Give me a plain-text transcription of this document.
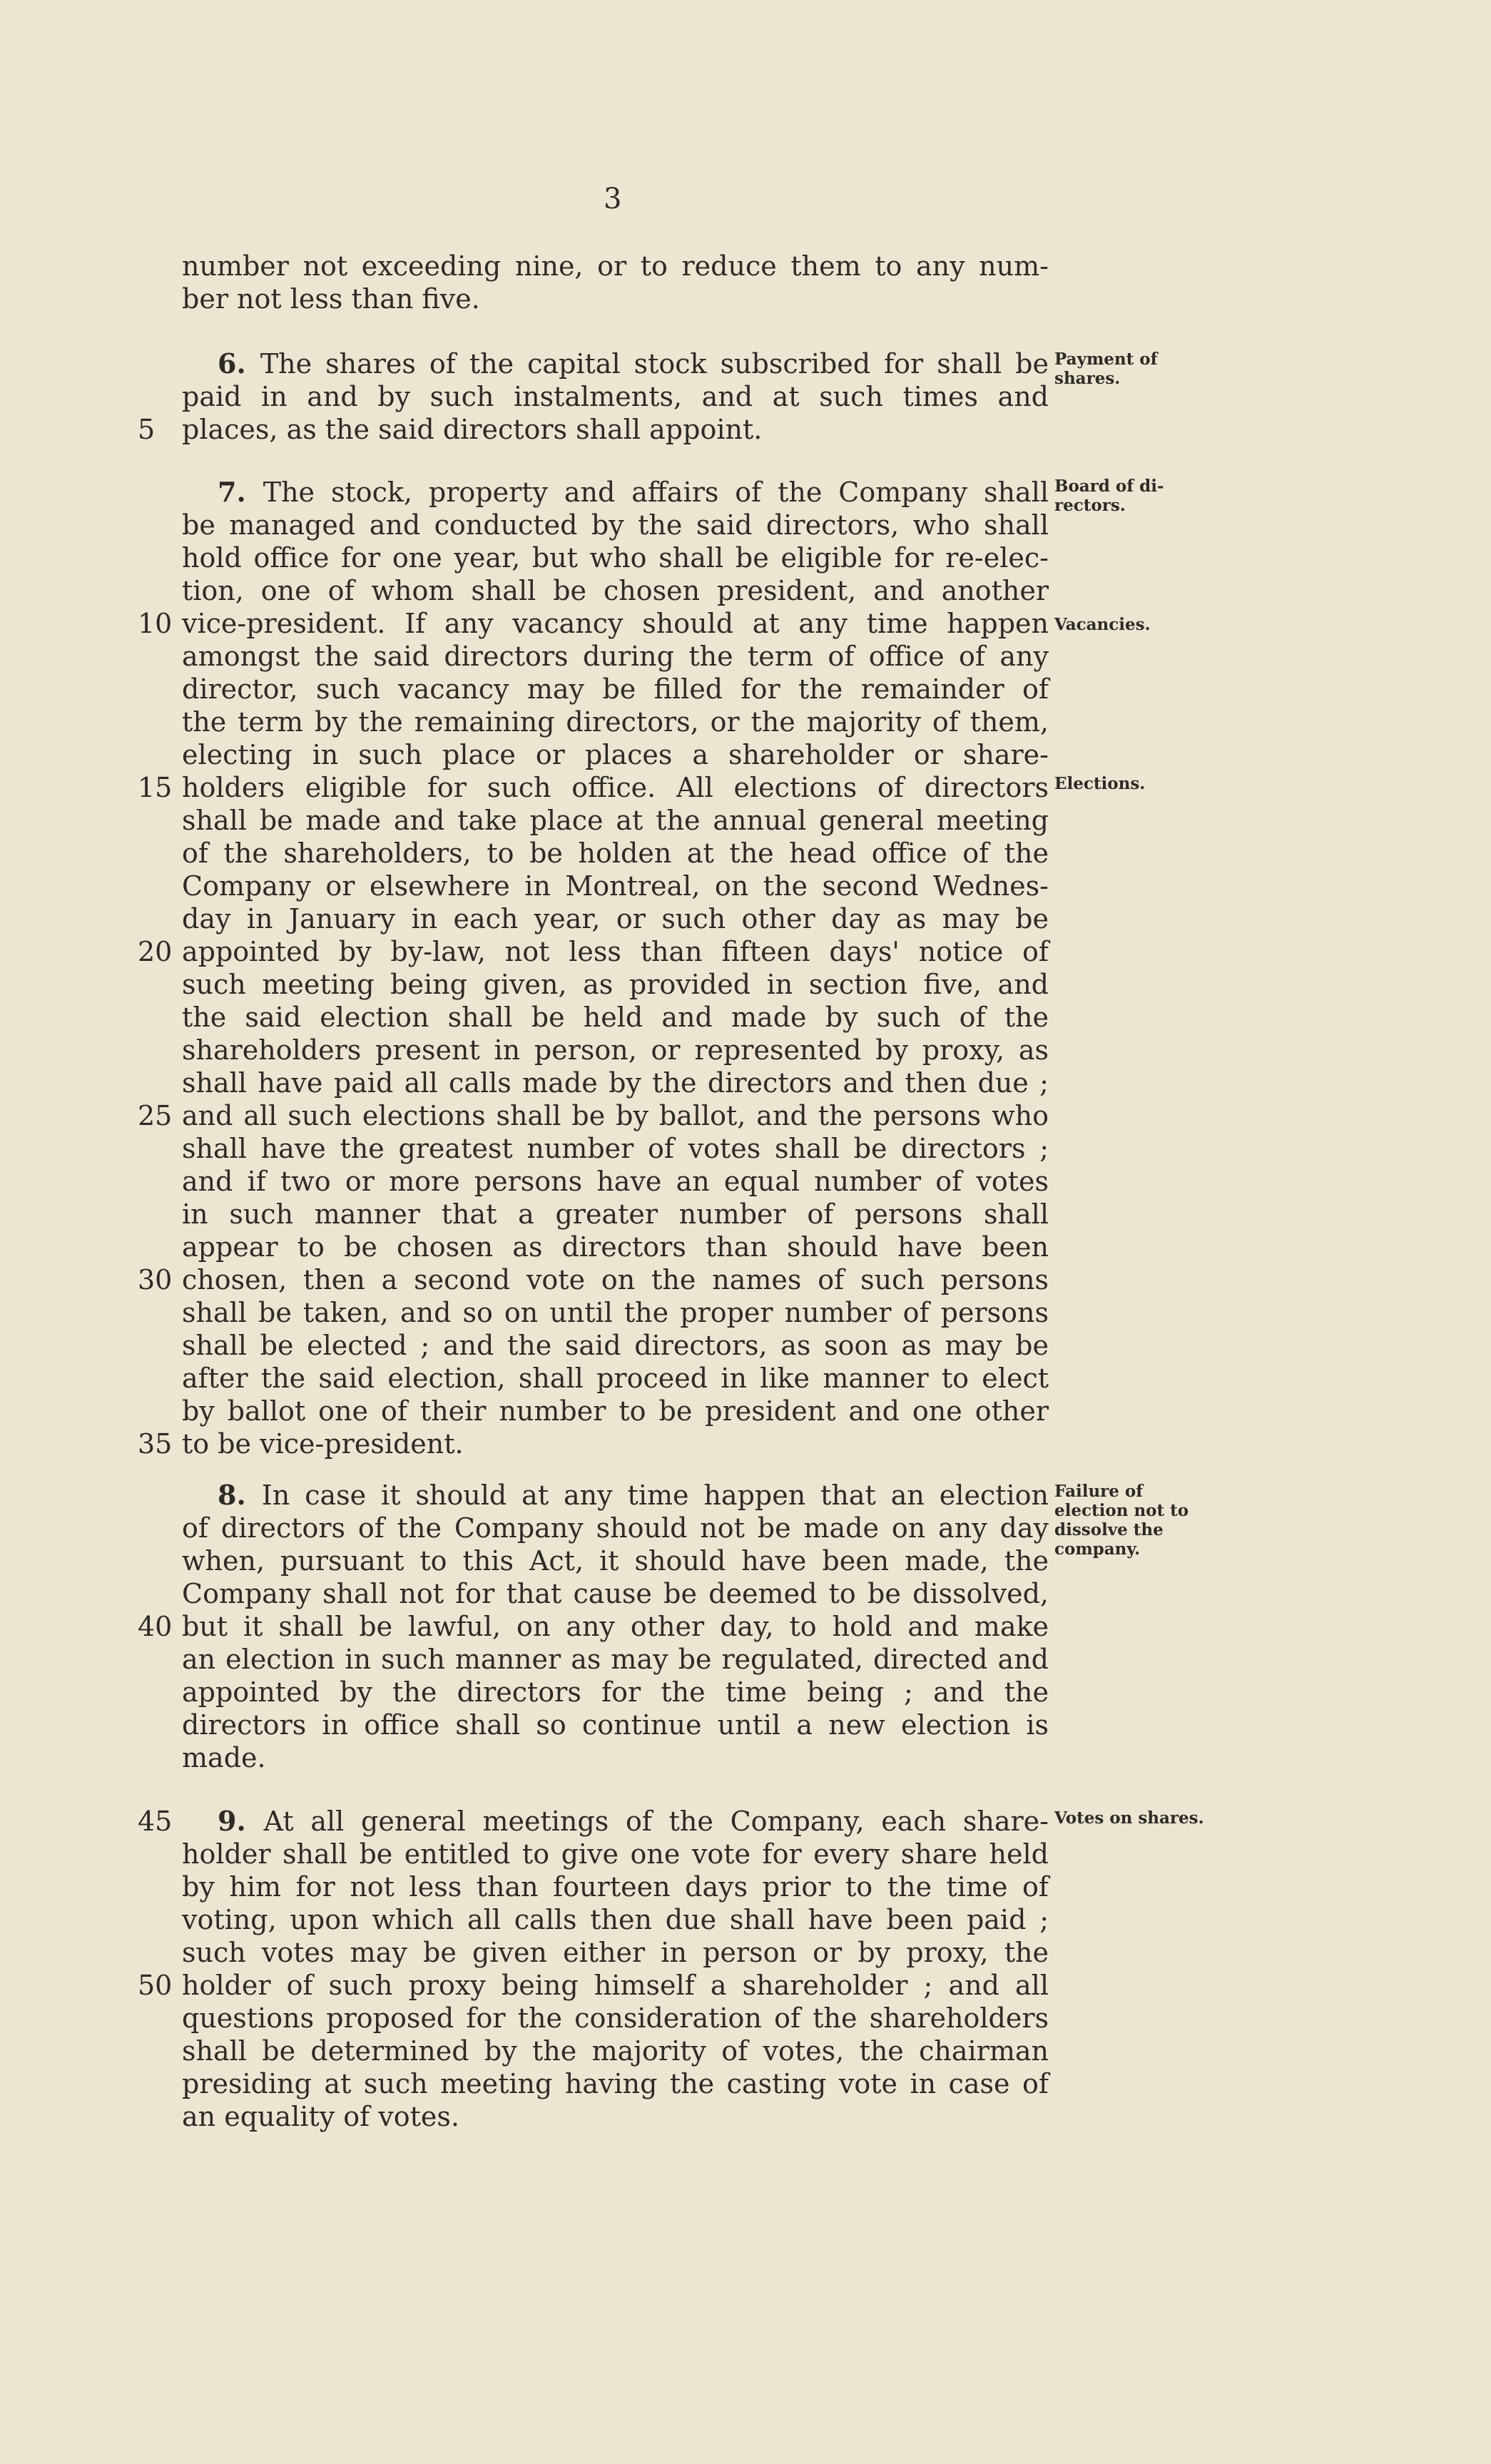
3
number not exceeding nine, or to reduce them to any num-
ber not less than five.
6. The shares of the capital stock subscribed for shall be
paid in and by such instalments, and at such times and
5 places, as the said directors shall appoint.
7. The stock, property and affairs of the Company shall
be managed and conducted by the said directors, who shall
hold office for one year, but who shall be eligible for re-elec-
tion, one of whom shall be chosen president, and another
10 vice-president. If any vacancy should at any time happen
amongst the said directors during the term of office of any
director, such vacancy may be filled for the remainder of
the term by the remaining directors, or the majority of them,
electing in such place or places a shareholder or share-
15 holders eligible for such office. All elections of directors
shall be made and take place at the annual general meeting
of the shareholders, to be holden at the head office of the
Company or elsewhere in Montreal, on the second Wednes-
day in January in each year, or such other day as may be
20 appointed by by-law, not less than fifteen days' notice of
such meeting being given, as provided in section five, and
the said election shall be held and made by such of the
shareholders present in person, or represented by proxy, as
shall have paid all calls made by the directors and then due ;
25 and all such elections shall be by ballot, and the persons who
shall have the greatest number of votes shall be directors ;
and if two or more persons have an equal number of votes
in such manner that a greater number of persons shall
appear to be chosen as directors than should have been
30 chosen, then a second vote on the names of such persons
shall be taken, and so on until the proper number of persons
shall be elected ; and the said directors, as soon as may be
after the said election, shall proceed in like manner to elect
by ballot one of their number to be president and one other
35 to be vice-president.
8. In case it should at any time happen that an election
of directors of the Company should not be made on any day
when, pursuant to this Act, it should have been made, the
Company shall not for that cause be deemed to be dissolved,
40 but it shall be lawful, on any other day, to hold and make
an election in such manner as may be regulated, directed and
appointed by the directors for the time being ; and the
directors in office shall so continue until a new election is
made.
45 9. At all general meetings of the Company, each share-
holder shall be entitled to give one vote for every share held
by him for not less than fourteen days prior to the time of
voting, upon which all calls then due shall have been paid ;
such votes may be given either in person or by proxy, the
50 holder of such proxy being himself a shareholder ; and all
questions proposed for the consideration of the shareholders
shall be determined by the majority of votes, the chairman
presiding at such meeting having the casting vote in case of
an equality of votes.
Payment of shares.
Board of di-rectors.
Vacancies.
Elections.
Failure of election not to dissolve the company.
Votes on shares.
